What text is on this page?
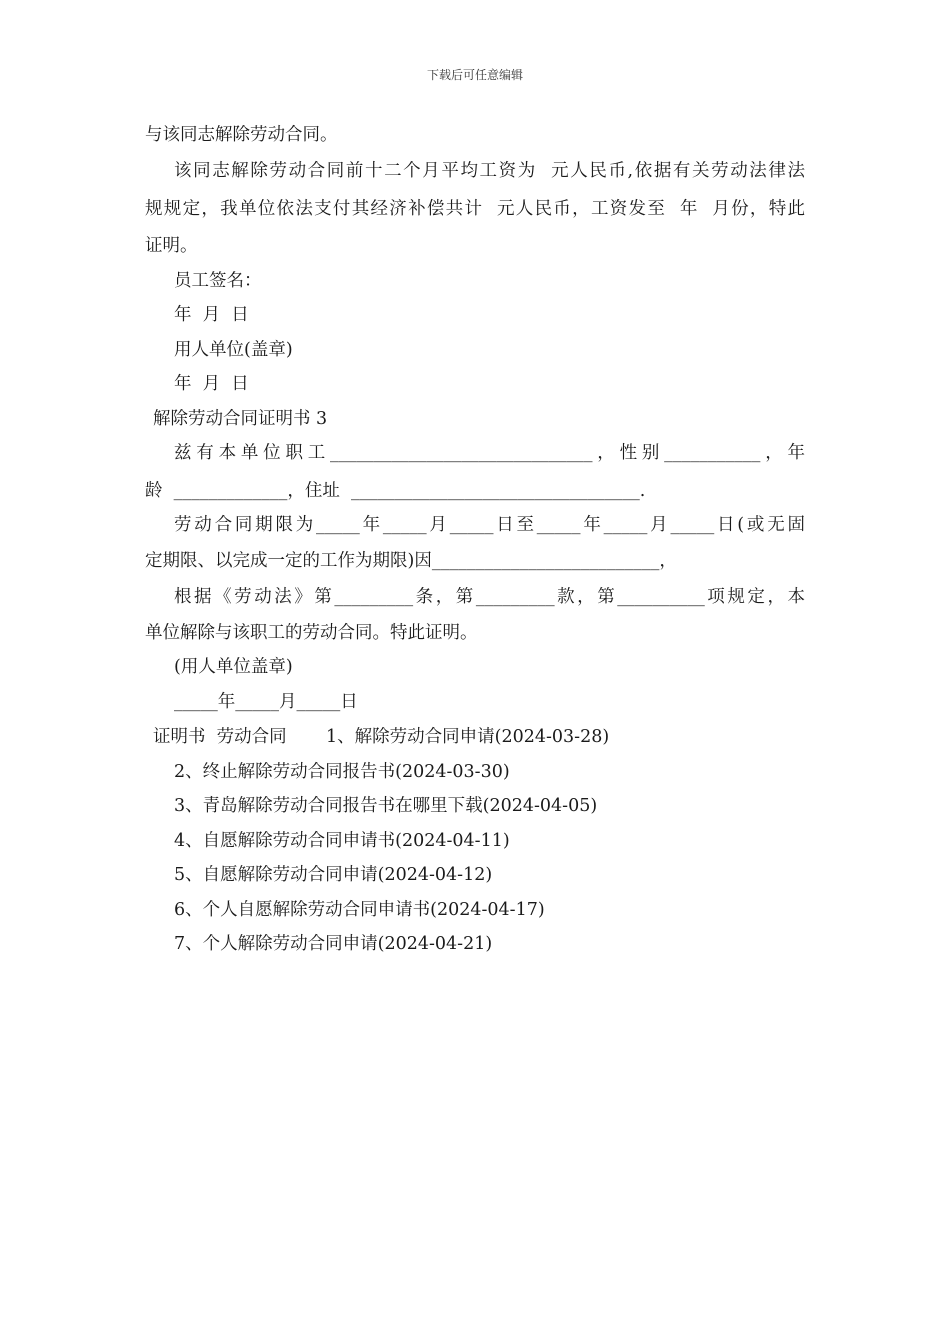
下载后可任意编辑
与该同志解除劳动合同。
该同志解除劳动合同前十二个月平均工资为  元人民币,依据有关劳动法律法
规规定，我单位依法支付其经济补偿共计  元人民币，工资发至  年  月份，特此
证明。
员工签名：
年  月  日
用人单位(盖章)
年  月  日
解除劳动合同证明书 3
兹有本单位职工______________________________，性别___________，年
龄  _____________，住址  _________________________________.
劳动合同期限为_____年_____月_____日至_____年_____月_____日(或无固
定期限、以完成一定的工作为期限)因__________________________，
根据《劳动法》第_________条，第_________款，第__________项规定，本
单位解除与该职工的劳动合同。特此证明。
(用人单位盖章)
_____年_____月_____日
证明书  劳动合同 1、解除劳动合同申请(2024-03-28)
2、终止解除劳动合同报告书(2024-03-30)
3、青岛解除劳动合同报告书在哪里下载(2024-04-05)
4、自愿解除劳动合同申请书(2024-04-11)
5、自愿解除劳动合同申请(2024-04-12)
6、个人自愿解除劳动合同申请书(2024-04-17)
7、个人解除劳动合同申请(2024-04-21)
